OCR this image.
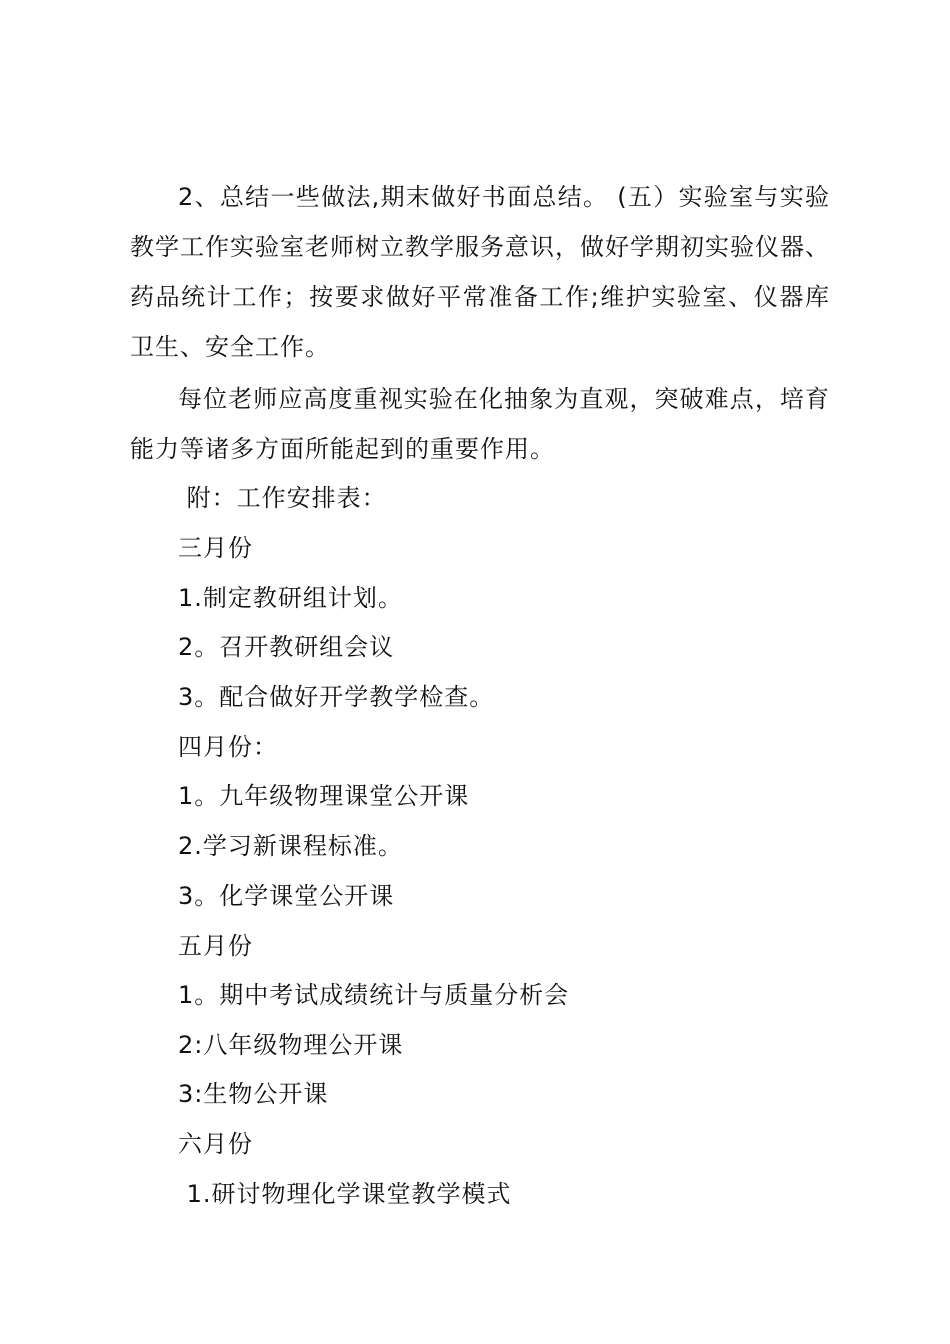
2、总结一些做法,期末做好书面总结。 (五）实验室与实验教学工作实验室老师树立教学服务意识，做好学期初实验仪器、药品统计工作；按要求做好平常准备工作;维护实验室、仪器库卫生、安全工作。

每位老师应高度重视实验在化抽象为直观，突破难点，培育能力等诸多方面所能起到的重要作用。

附：工作安排表：

三月份

1.制定教研组计划。

2。召开教研组会议

3。配合做好开学教学检查。

四月份：

1。九年级物理课堂公开课

2.学习新课程标准。

3。化学课堂公开课

五月份

1。期中考试成绩统计与质量分析会

2:八年级物理公开课

3:生物公开课

六月份

1.研讨物理化学课堂教学模式
